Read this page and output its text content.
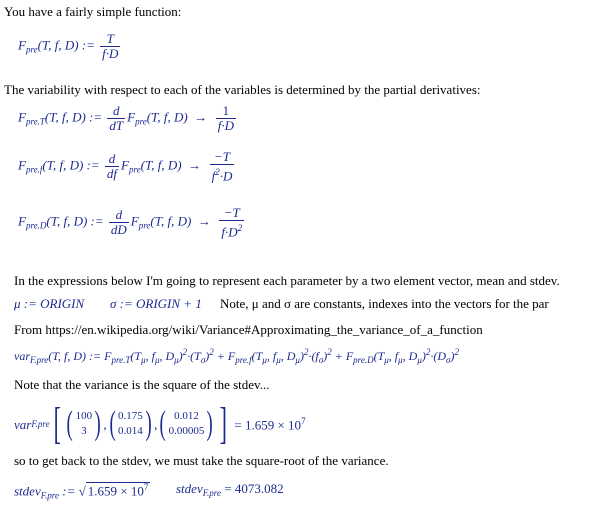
You have a fairly simple function:
$F_{pre}(T$, f, D) := $\frac{T}{f\cdot D}$
The variability with respect to each of the variables is determined by the partial derivatives:
$F_{pre.T}(T$, f, D) := $\frac{d}{dT} F_{pre}(T$, f, $D) \to \frac{1}{f\cdot D}$
$F_{pre.f}(T$, f, D) := $\frac{d}{df} F_{pre}(T$, f, $D) \to \frac{-T}{f^2\cdot D}$
$F_{pre.D}(T$, f, D) := $\frac{d}{dD} F_{pre}(T$, f, $D) \to \frac{-T}{f\cdot D^2}$
In the expressions below I'm going to represent each parameter by a two element vector, mean and stdev.
μ := ORIGIN σ := ORIGIN + 1 Note, μ and σ are constants, indexes into the vectors for the par
From https://en.wikipedia.org/wiki/Variance#Approximating_the_variance_of_a_function
var$_{F.pre}$(T, f, D) := $F_{pre.T}(T_\mu$, $f_\mu$, $D_\mu)^2\cdot(T_\sigma)^2 + F_{pre.f}(T_\mu$, $f_\mu$, $D_\mu)^2\cdot(f_\sigma)^2 + F_{pre.D}(T_\mu$, $f_\mu$, $D_\mu)^2\cdot(D_\sigma)^2$
Note that the variance is the square of the stdev...
var F.pre [ ( 100
3 ) , ( 0.175
0.014 ) , ( 0.012
0.00005 ) ] = $1.659 \times 10^7$
so to get back to the stdev, we must take the square-root of the variance.
stdev$_{F.pre}$ := √ $1.659 \times 10^7$ stdev$_{F.pre}$ = 4073.082
